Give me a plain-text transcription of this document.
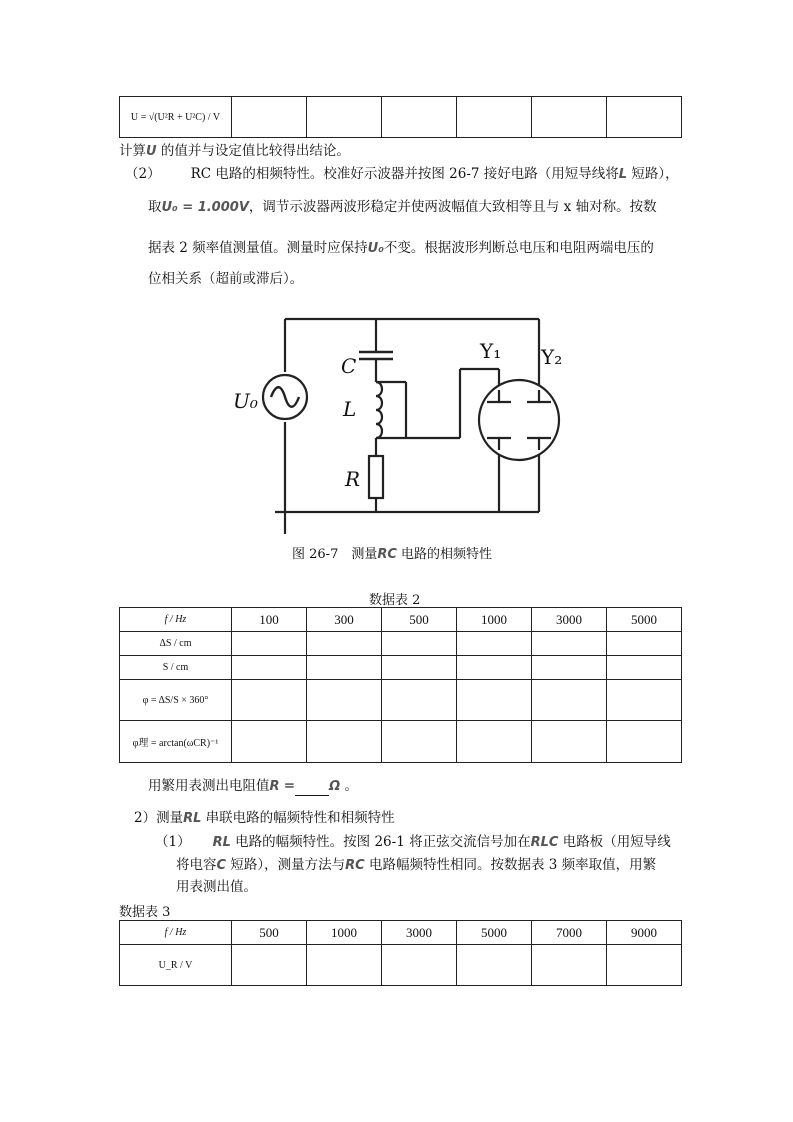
U = √(U²R + U²C) / V						
计算U 的值并与设定值比较得出结论。
（2） RC 电路的相频特性。校准好示波器并按图 26-7 接好电路（用短导线将L 短路），
取U₀ = 1.000V，调节示波器两波形稳定并使两波幅值大致相等且与 x 轴对称。按数
据表 2 频率值测量值。测量时应保持U₀不变。根据波形判断总电压和电阻两端电压的
位相关系（超前或滞后）。
U₀
C
L
R
Y₁ Y₂
图 26-7　测量RC 电路的相频特性
数据表 2
f / Hz	100	300	500	1000	3000	5000
ΔS / cm						
S / cm						
φ = ΔS/S × 360°						
φ理 = arctan(ωCR)⁻¹						
用繁用表测出电阻值R =	Ω 。
2）测量RL 串联电路的幅频特性和相频特性
（1） RL 电路的幅频特性。按图 26-1 将正弦交流信号加在RLC 电路板（用短导线
将电容C 短路），测量方法与RC 电路幅频特性相同。按数据表 3 频率取值，用繁
用表测出值。
数据表 3
f / Hz	500	1000	3000	5000	7000	9000
U_R / V						
